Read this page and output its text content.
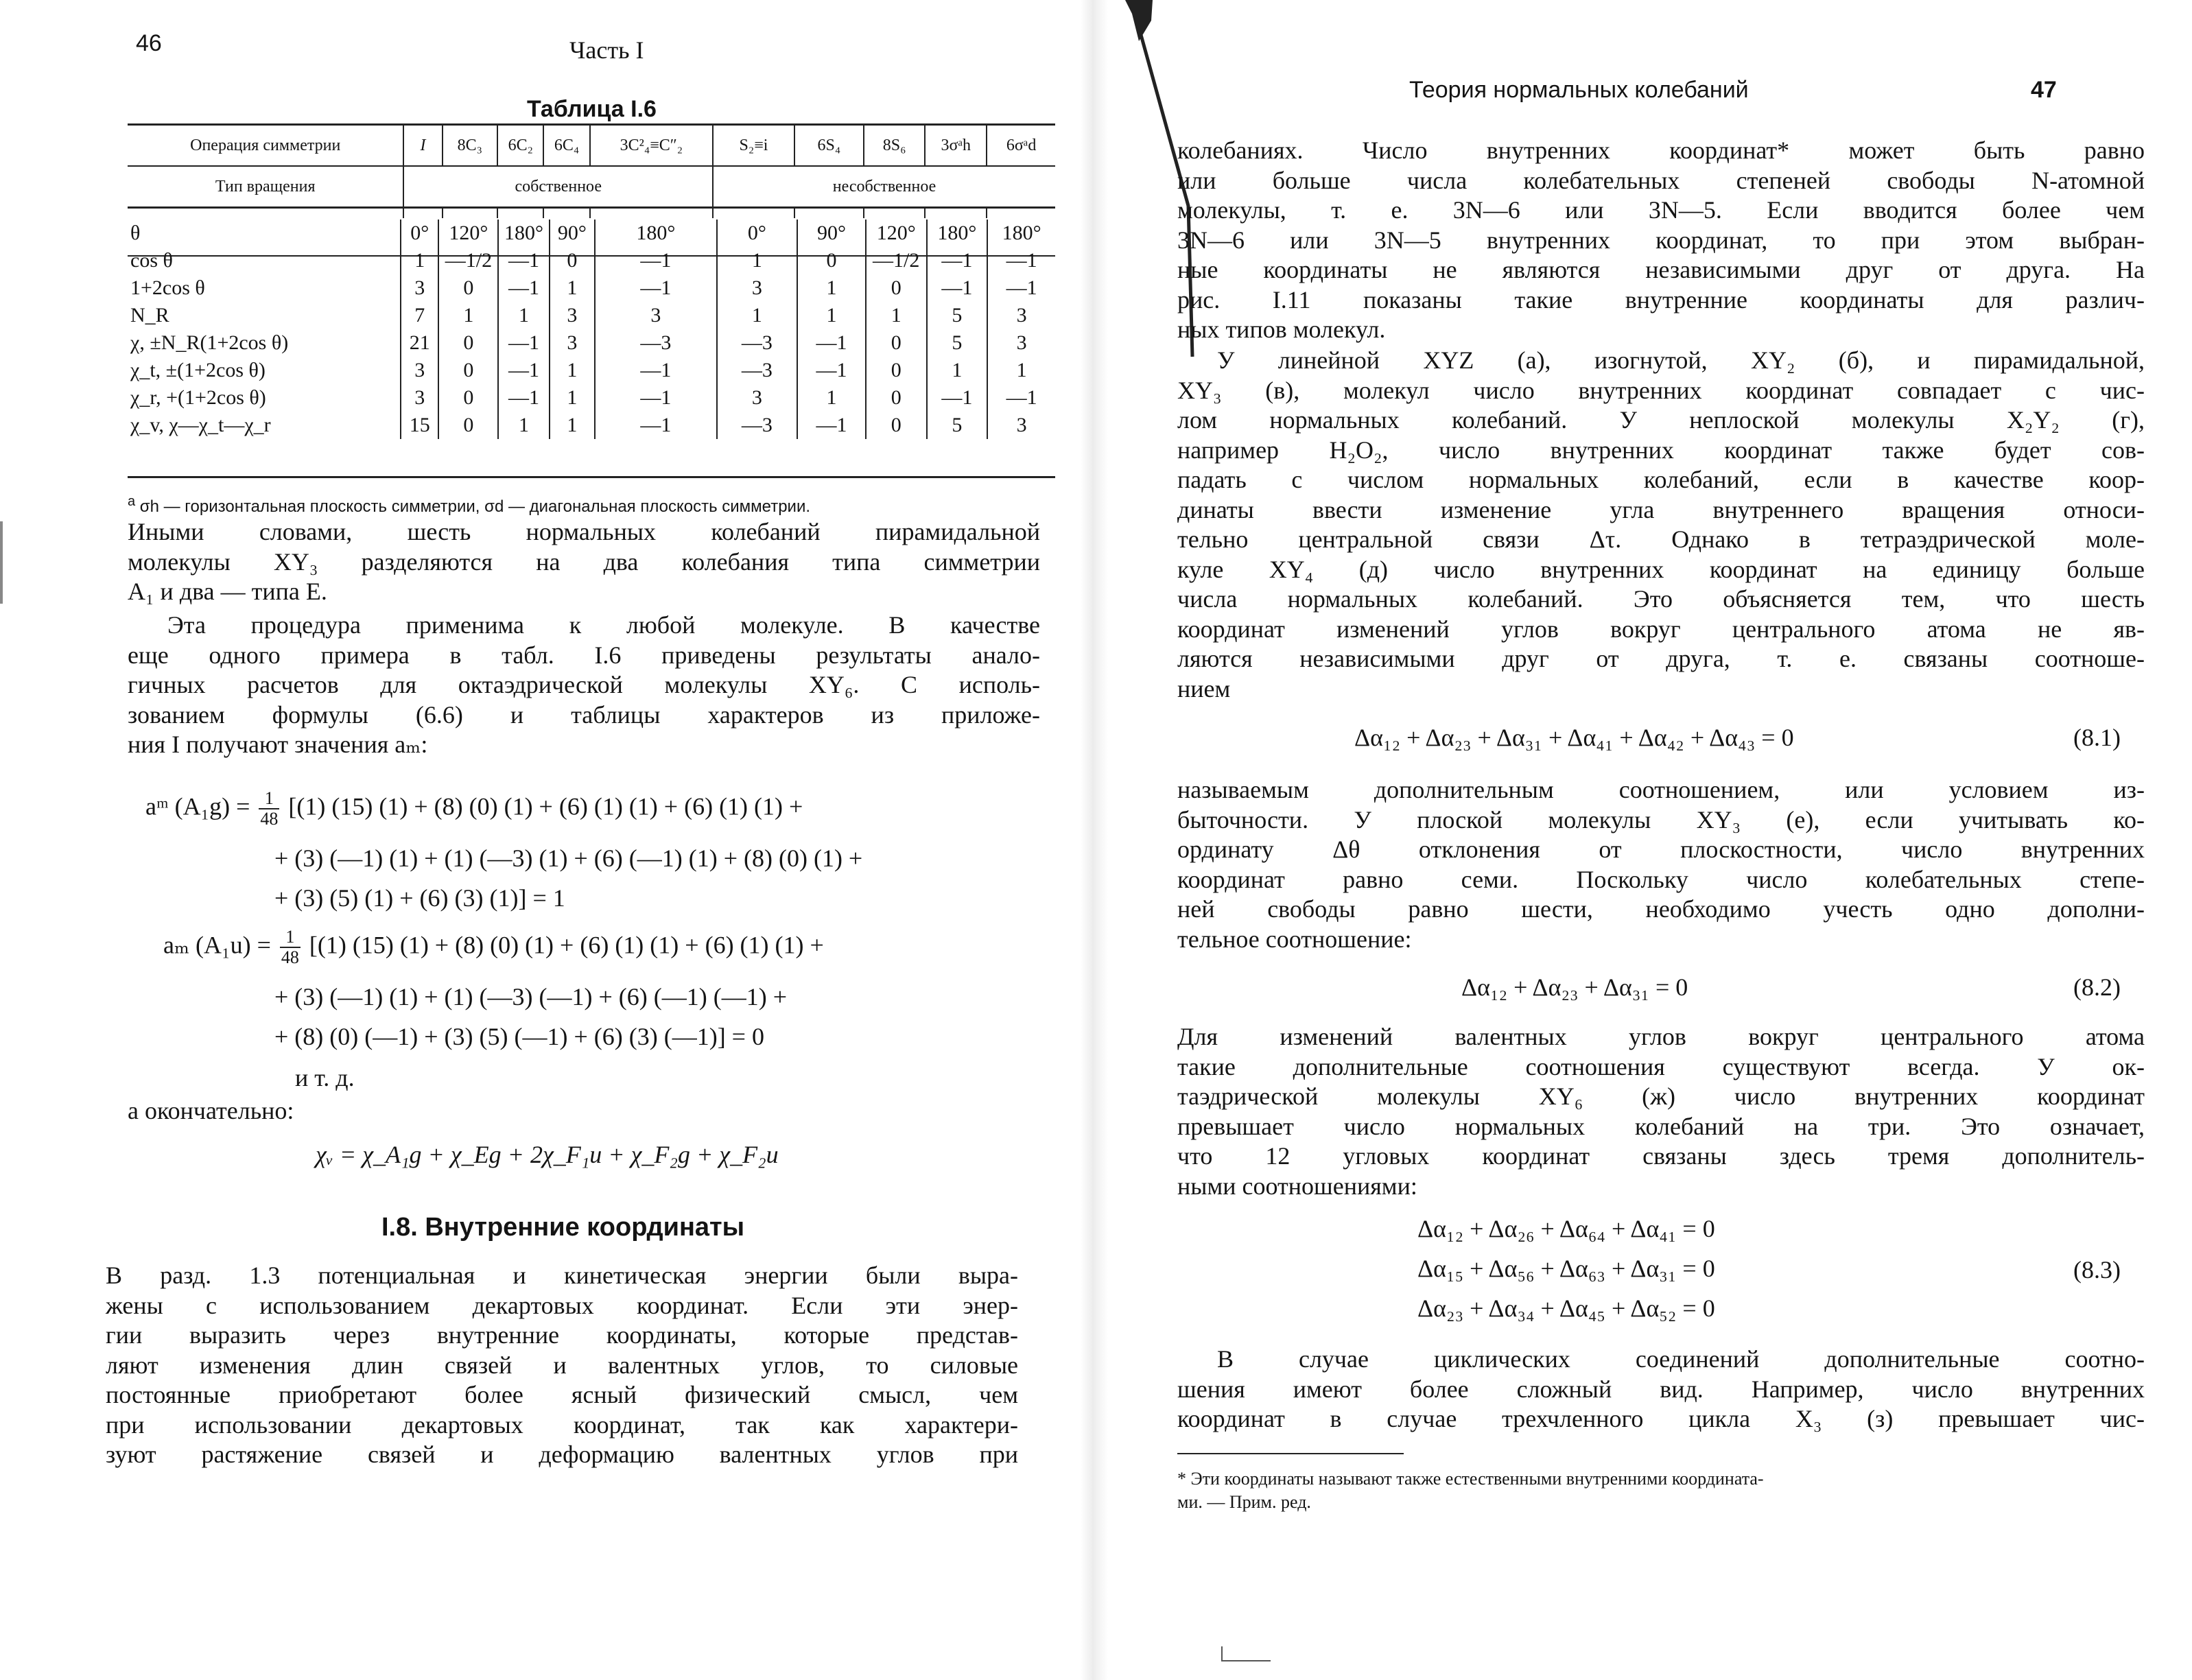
46	Часть I
Таблица I.6
Операция симметрии	I	8C₃	6C₂	6C₄	3C²₄≡C″₂	S₂≡i	6S₄	8S₆	3σᵃh	6σᵃd
Тип вращения	собственное					несобственное				

$^a$ σh — горизонтальная плоскость симметрии, σd — диагональная плоскость симметрии.
θ	0°	120°	180°	90°	180°	0°	90°	120°	180°	180°
cos θ	1	—1/2	—1	0	—1	1	0	—1/2	—1	—1
1+2cos θ	3	0	—1	1	—1	3	1	0	—1	—1
N_R	7	1	1	3	3	1	1	1	5	3
χ, ±N_R(1+2cos θ)	21	0	—1	3	—3	—3	—1	0	5	3
χ_t, ±(1+2cos θ)	3	0	—1	1	—1	—3	—1	0	1	1
χ_r, +(1+2cos θ)	3	0	—1	1	—1	3	1	0	—1	—1
χ_v, χ—χ_t—χ_r	15	0	1	1	—1	—3	—1	0	5	3
Иными словами, шесть нормальных колебаний пирамидальной
молекулы XY₃ разделяются на два колебания типа симметрии
A₁ и два — типа E.
Эта процедура применима к любой молекуле. В качестве
еще одного примера в табл. I.6 приведены результаты анало-
гичных расчетов для октаэдрической молекулы XY₆. С исполь-
зованием формулы (6.6) и таблицы характеров из приложе-
ния I получают значения aₘ:
aᵐ $(A_1g) = \frac{1}{48} [(1)$ (15) (1) + (8) (0) (1) + (6) (1) (1) + (6) (1) (1) +
+ (3) (—1) (1) + (1) (—3) (1) + (6) (—1) (1) + (8) (0) (1) +
+ (3) (5) (1) + (6) (3) (1)] = 1
aₘ $(A_1u) = \frac{1}{48} [(1)$ (15) (1) + (8) (0) (1) + (6) (1) (1) + (6) (1) (1) +
+ (3) (—1) (1) + (1) (—3) (—1) + (6) (—1) (—1) +
+ (8) (0) (—1) + (3) (5) (—1) + (6) (3) (—1)] = 0
и т. д.
а окончательно:
χᵥ = χ_A₁g + χ_Eg + 2χ_F₁u + χ_F₂g + χ_F₂u
I.8. Внутренние координаты
В разд. 1.3 потенциальная и кинетическая энергии были выра-
жены с использованием декартовых координат. Если эти энер-
гии выразить через внутренние координаты, которые представ-
ляют изменения длин связей и валентных углов, то силовые
постоянные приобретают более ясный физический смысл, чем
при использовании декартовых координат, так как характери-
зуют растяжение связей и деформацию валентных углов при
Теория нормальных колебаний	47
колебаниях. Число внутренних координат* может быть равно
или больше числа колебательных степеней свободы N-атомной
молекулы, т. е. 3N—6 или 3N—5. Если вводится более чем
3N—6 или 3N—5 внутренних координат, то при этом выбран-
ные координаты не являются независимыми друг от друга. На
рис. I.11 показаны такие внутренние координаты для различ-
ных типов молекул.
У линейной XYZ (а), изогнутой, XY₂ (б), и пирамидальной,
XY₃ (в), молекул число внутренних координат совпадает с чис-
лом нормальных колебаний. У неплоской молекулы X₂Y₂ (г),
например H₂O₂, число внутренних координат также будет сов-
падать с числом нормальных колебаний, если в качестве коор-
динаты ввести изменение угла внутреннего вращения относи-
тельно центральной связи Δτ. Однако в тетраэдрической моле-
куле XY₄ (д) число внутренних координат на единицу больше
числа нормальных колебаний. Это объясняется тем, что шесть
координат изменений углов вокруг центрального атома не яв-
ляются независимыми друг от друга, т. е. связаны соотноше-
нием
Δα₁₂ + Δα₂₃ + Δα₃₁ + Δα₄₁ + Δα₄₂ + Δα₄₃ = 0	(8.1)
называемым дополнительным соотношением, или условием из-
быточности. У плоской молекулы XY₃ (е), если учитывать ко-
ординату Δθ отклонения от плоскостности, число внутренних
координат равно семи. Поскольку число колебательных степе-
ней свободы равно шести, необходимо учесть одно дополни-
тельное соотношение:
Δα₁₂ + Δα₂₃ + Δα₃₁ = 0	(8.2)
Для изменений валентных углов вокруг центрального атома
такие дополнительные соотношения существуют всегда. У ок-
таэдрической молекулы XY₆ (ж) число внутренних координат
превышает число нормальных колебаний на три. Это означает,
что 12 угловых координат связаны здесь тремя дополнитель-
ными соотношениями:
Δα₁₂ + Δα₂₆ + Δα₆₄ + Δα₄₁ = 0
Δα₁₅ + Δα₅₆ + Δα₆₃ + Δα₃₁ = 0
Δα₂₃ + Δα₃₄ + Δα₄₅ + Δα₅₂ = 0
(8.3)
В случае циклических соединений дополнительные соотно-
шения имеют более сложный вид. Например, число внутренних
координат в случае трехчленного цикла X₃ (з) превышает чис-
* Эти координаты называют также естественными внутренними координата-
ми. — Прим. ред.
